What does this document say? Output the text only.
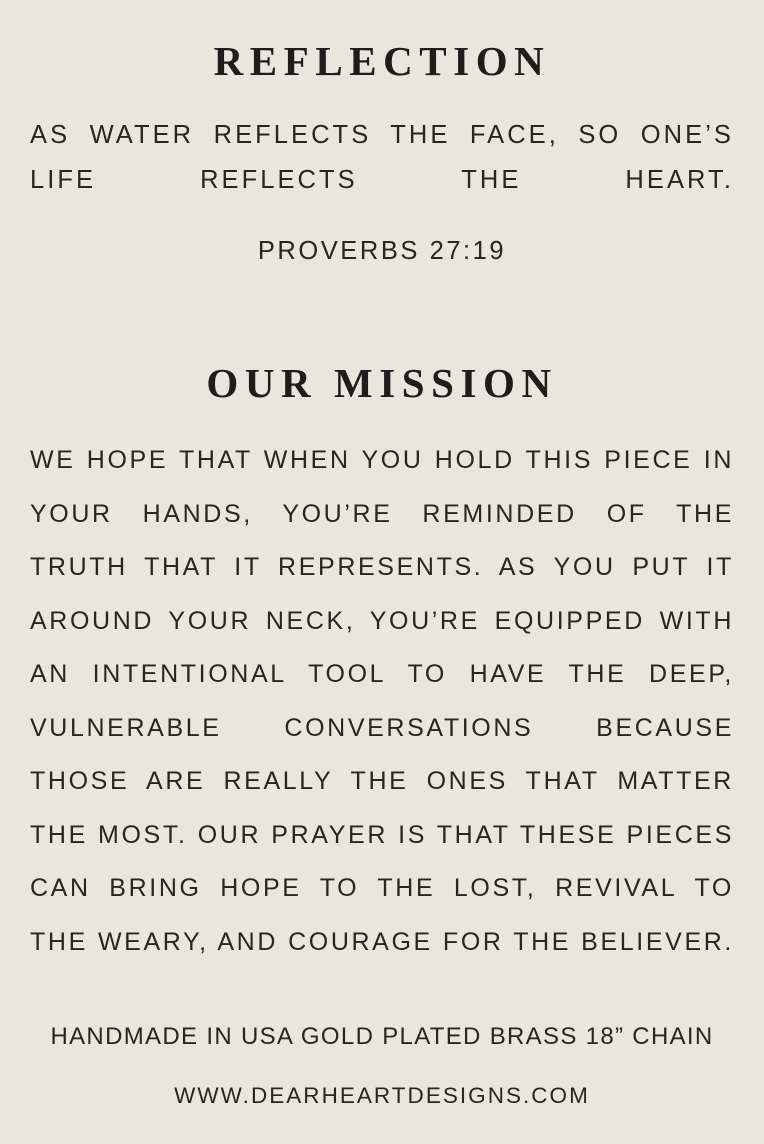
REFLECTION

AS WATER REFLECTS THE FACE, SO ONE’S LIFE REFLECTS THE HEART.

PROVERBS 27:19

OUR MISSION

WE HOPE THAT WHEN YOU HOLD THIS PIECE IN YOUR HANDS, YOU’RE REMINDED OF THE TRUTH THAT IT REPRESENTS. AS YOU PUT IT AROUND YOUR NECK, YOU’RE EQUIPPED WITH AN INTENTIONAL TOOL TO HAVE THE DEEP, VULNERABLE CONVERSATIONS BECAUSE THOSE ARE REALLY THE ONES THAT MATTER THE MOST. OUR PRAYER IS THAT THESE PIECES CAN BRING HOPE TO THE LOST, REVIVAL TO THE WEARY, AND COURAGE FOR THE BELIEVER.

HANDMADE IN USA GOLD PLATED BRASS 18” CHAIN

WWW.DEARHEARTDESIGNS.COM
